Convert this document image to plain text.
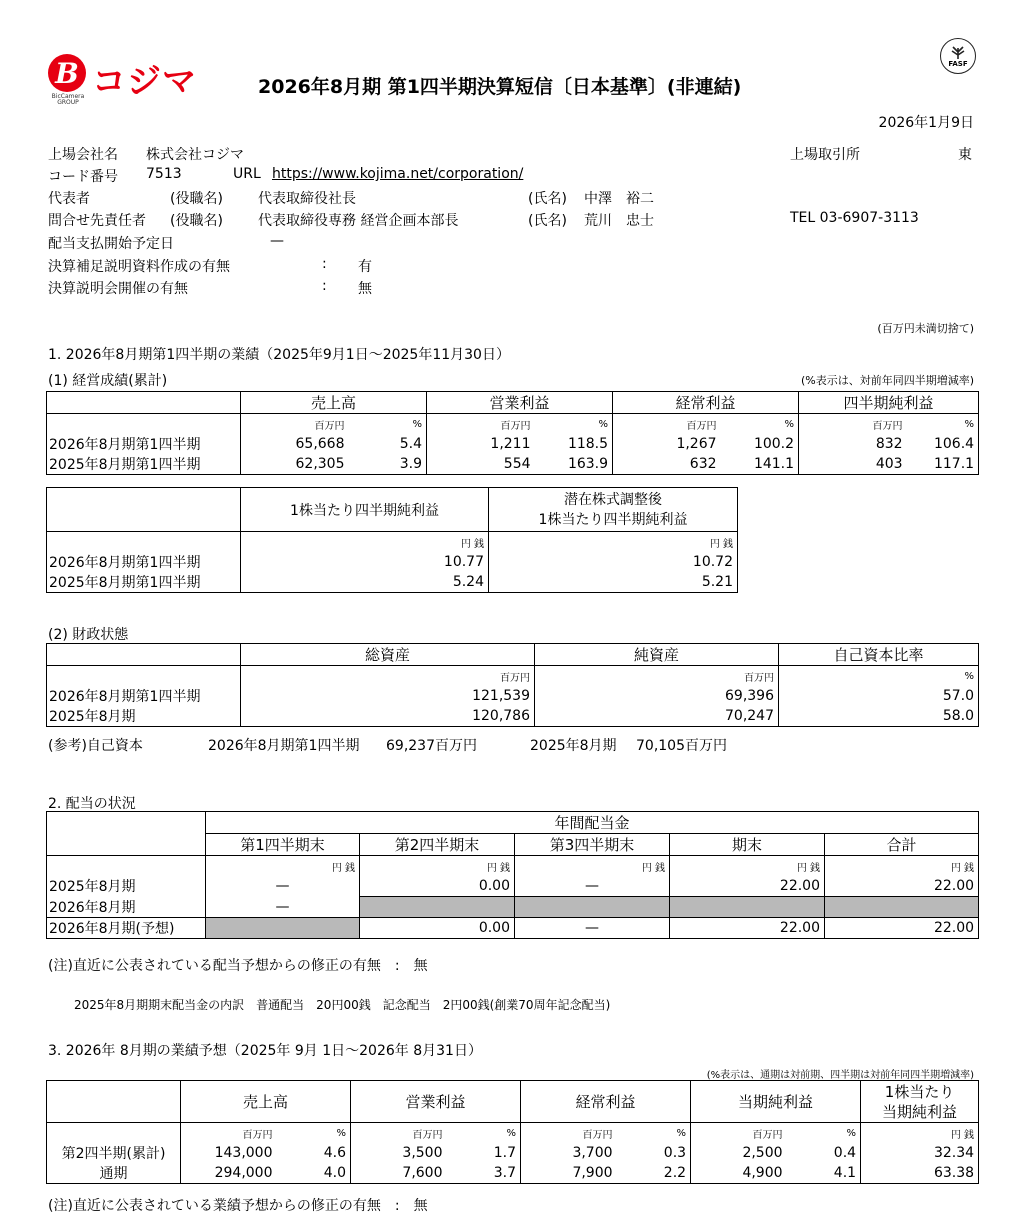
B
BicCamera GROUP
コジマ	2026年8月期 第1四半期決算短信〔日本基準〕(非連結)
FASF
2026年1月9日
上場会社名 株式会社コジマ	上場取引所	東
コード番号 7513	URL https://www.kojima.net/corporation/
代表者	(役職名)	代表取締役社長	(氏名) 中澤　裕二
問合せ先責任者 (役職名)	代表取締役専務 経営企画本部長	(氏名) 荒川　忠士	TEL 03-6907-3113
配当支払開始予定日	—
決算補足説明資料作成の有無	: 有
決算説明会開催の有無	: 無
(百万円未満切捨て)
1. 2026年8月期第1四半期の業績（2025年9月1日～2025年11月30日）
(1) 経営成績(累計)	(%表示は、対前年同四半期増減率)
	売上高		営業利益		経常利益		四半期純利益	
	百万円	%	百万円	%	百万円	%	百万円	%
2026年8月期第1四半期	65,668	5.4	1,211	118.5	1,267	100.2	832	106.4
2025年8月期第1四半期	62,305	3.9	554	163.9	632	141.1	403	117.1
	1株当たり四半期純利益	潜在株式調整後
1株当たり四半期純利益

	円 銭	円 銭
2026年8月期第1四半期	10.77	10.72
2025年8月期第1四半期	5.24	5.21
(2) 財政状態
	総資産	純資産	自己資本比率
	百万円	百万円	%
2026年8月期第1四半期	121,539	69,396	57.0
2025年8月期	120,786	70,247	58.0
(参考)自己資本	2026年8月期第1四半期 69,237百万円	2025年8月期 70,105百万円
2. 配当の状況
	年間配当金				
	第1四半期末	第2四半期末	第3四半期末	期末	合計
	円 銭	円 銭	円 銭	円 銭	円 銭
2025年8月期	—	0.00	—	22.00	22.00
2026年8月期	—				
2026年8月期(予想)		0.00	—	22.00	22.00
(注)直近に公表されている配当予想からの修正の有無　:　無
2025年8月期期末配当金の内訳　普通配当　20円00銭　記念配当　2円00銭(創業70周年記念配当)
3. 2026年 8月期の業績予想（2025年 9月 1日～2026年 8月31日）
(%表示は、通期は対前期、四半期は対前年同四半期増減率)
	売上高		営業利益		経常利益		当期純利益		1株当たり
当期純利益

	百万円	%	百万円	%	百万円	%	百万円	%	円 銭
第2四半期(累計)	143,000	4.6	3,500	1.7	3,700	0.3	2,500	0.4	32.34
通期	294,000	4.0	7,600	3.7	7,900	2.2	4,900	4.1	63.38
(注)直近に公表されている業績予想からの修正の有無　:　無
